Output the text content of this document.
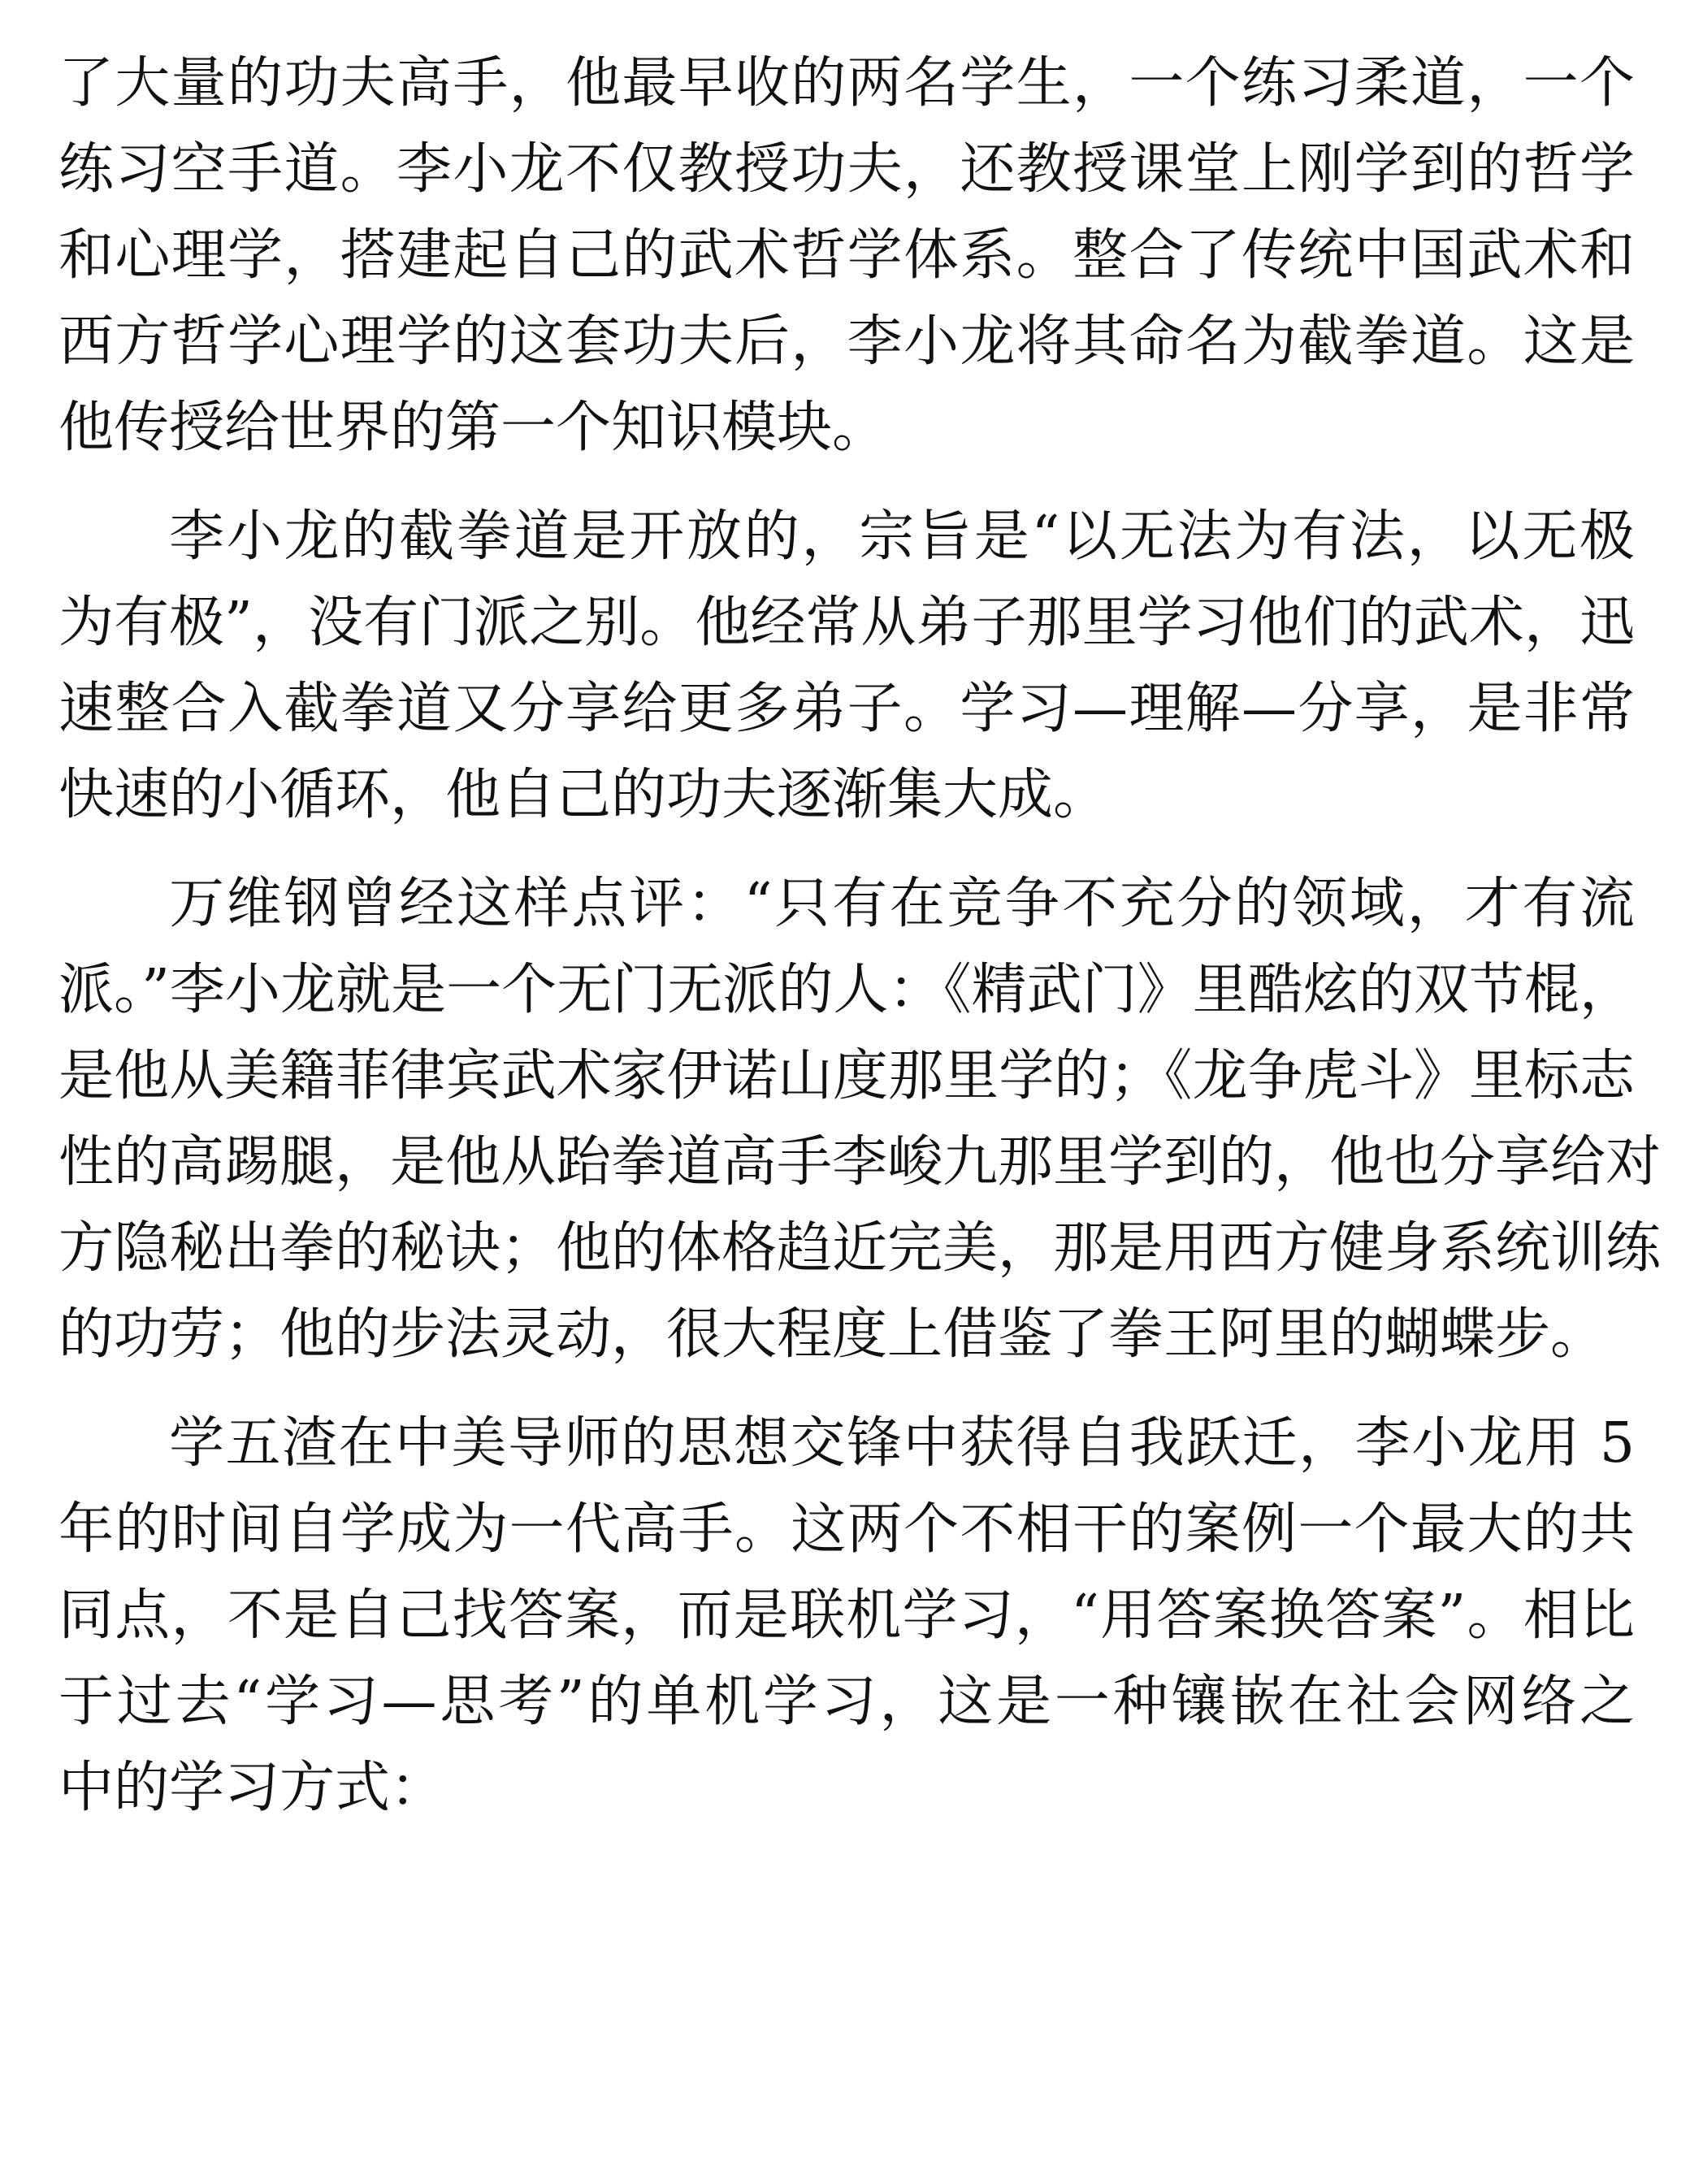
了大量的功夫高手，他最早收的两名学生，一个练习柔道，一个
练习空手道。李小龙不仅教授功夫，还教授课堂上刚学到的哲学
和心理学，搭建起自己的武术哲学体系。整合了传统中国武术和
西方哲学心理学的这套功夫后，李小龙将其命名为截拳道。这是
他传授给世界的第一个知识模块。
李小龙的截拳道是开放的，宗旨是“以无法为有法，以无极
为有极”，没有门派之别。他经常从弟子那里学习他们的武术，迅
速整合入截拳道又分享给更多弟子。学习—理解—分享，是非常
快速的小循环，他自己的功夫逐渐集大成。
万维钢曾经这样点评：“只有在竞争不充分的领域，才有流
派。”李小龙就是一个无门无派的人：《精武门》里酷炫的双节棍，
是他从美籍菲律宾武术家伊诺山度那里学的；《龙争虎斗》里标志
性的高踢腿，是他从跆拳道高手李峻九那里学到的，他也分享给对
方隐秘出拳的秘诀；他的体格趋近完美，那是用西方健身系统训练
的功劳；他的步法灵动，很大程度上借鉴了拳王阿里的蝴蝶步。
学五渣在中美导师的思想交锋中获得自我跃迁，李小龙用 5
年的时间自学成为一代高手。这两个不相干的案例一个最大的共
同点，不是自己找答案，而是联机学习，“用答案换答案”。相比
于过去“学习—思考”的单机学习，这是一种镶嵌在社会网络之
中的学习方式：
